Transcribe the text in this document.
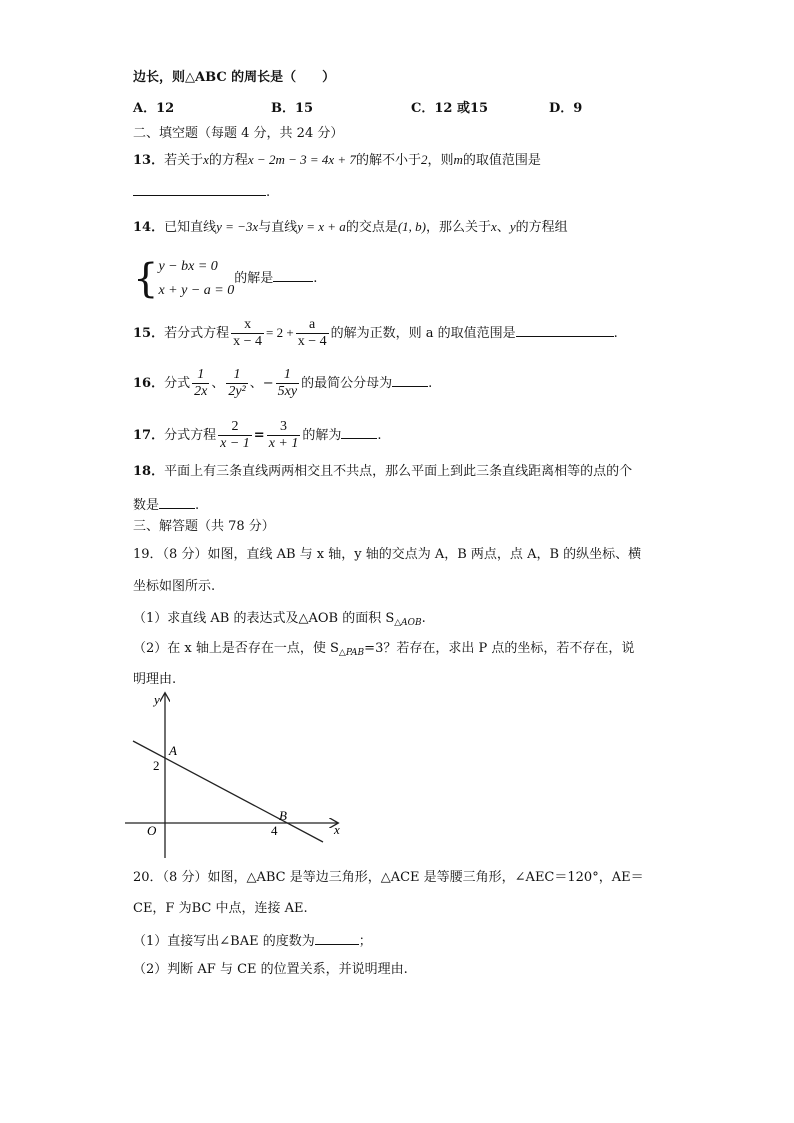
边长，则△ABC 的周长是（　　）
A．12	B．15	C．12 或15	D．9
二、填空题（每题 4 分，共 24 分）
13．若关于x的方程x − 2m − 3 = 4x + 7的解不小于2，则m的取值范围是
.
14．已知直线y = −3x与直线y = x + a的交点是(1, b)，那么关于x、y的方程组
{ y − bx = 0
x + y − a = 0
的解是	.
15．若分式方程 $\frac{x}{x - 4} = 2 + \frac{a}{x - 4}$ 的解为正数，则 a 的取值范围是	.
16．分式 $\frac{1}{2x}$ 、 $\frac{1}{\text{2y²}}$ 、− $\frac{1}{5xy}$ 的最简公分母为	.
17．分式方程 $\frac{2}{x - 1} = \frac{3}{x + 1}$ 的解为	.
18．平面上有三条直线两两相交且不共点，那么平面上到此三条直线距离相等的点的个
数是	.
三、解答题（共 78 分）
19．（8 分）如图，直线 AB 与 x 轴，y 轴的交点为 A，B 两点，点 A，B 的纵坐标、横
坐标如图所示.
（1）求直线 AB 的表达式及△AOB 的面积 $S_{\triangle AOB}$.
（2）在 x 轴上是否存在一点，使 $S_{\triangle PAB}=3$？若存在，求出 P 点的坐标，若不存在，说
明理由.
y
x
O
A
B
2
4
20．（8 分）如图，△ABC 是等边三角形，△ACE 是等腰三角形，∠AEC＝120°，AE＝
CE，F 为BC 中点，连接 AE.
（1）直接写出∠BAE 的度数为	；
（2）判断 AF 与 CE 的位置关系，并说明理由.
